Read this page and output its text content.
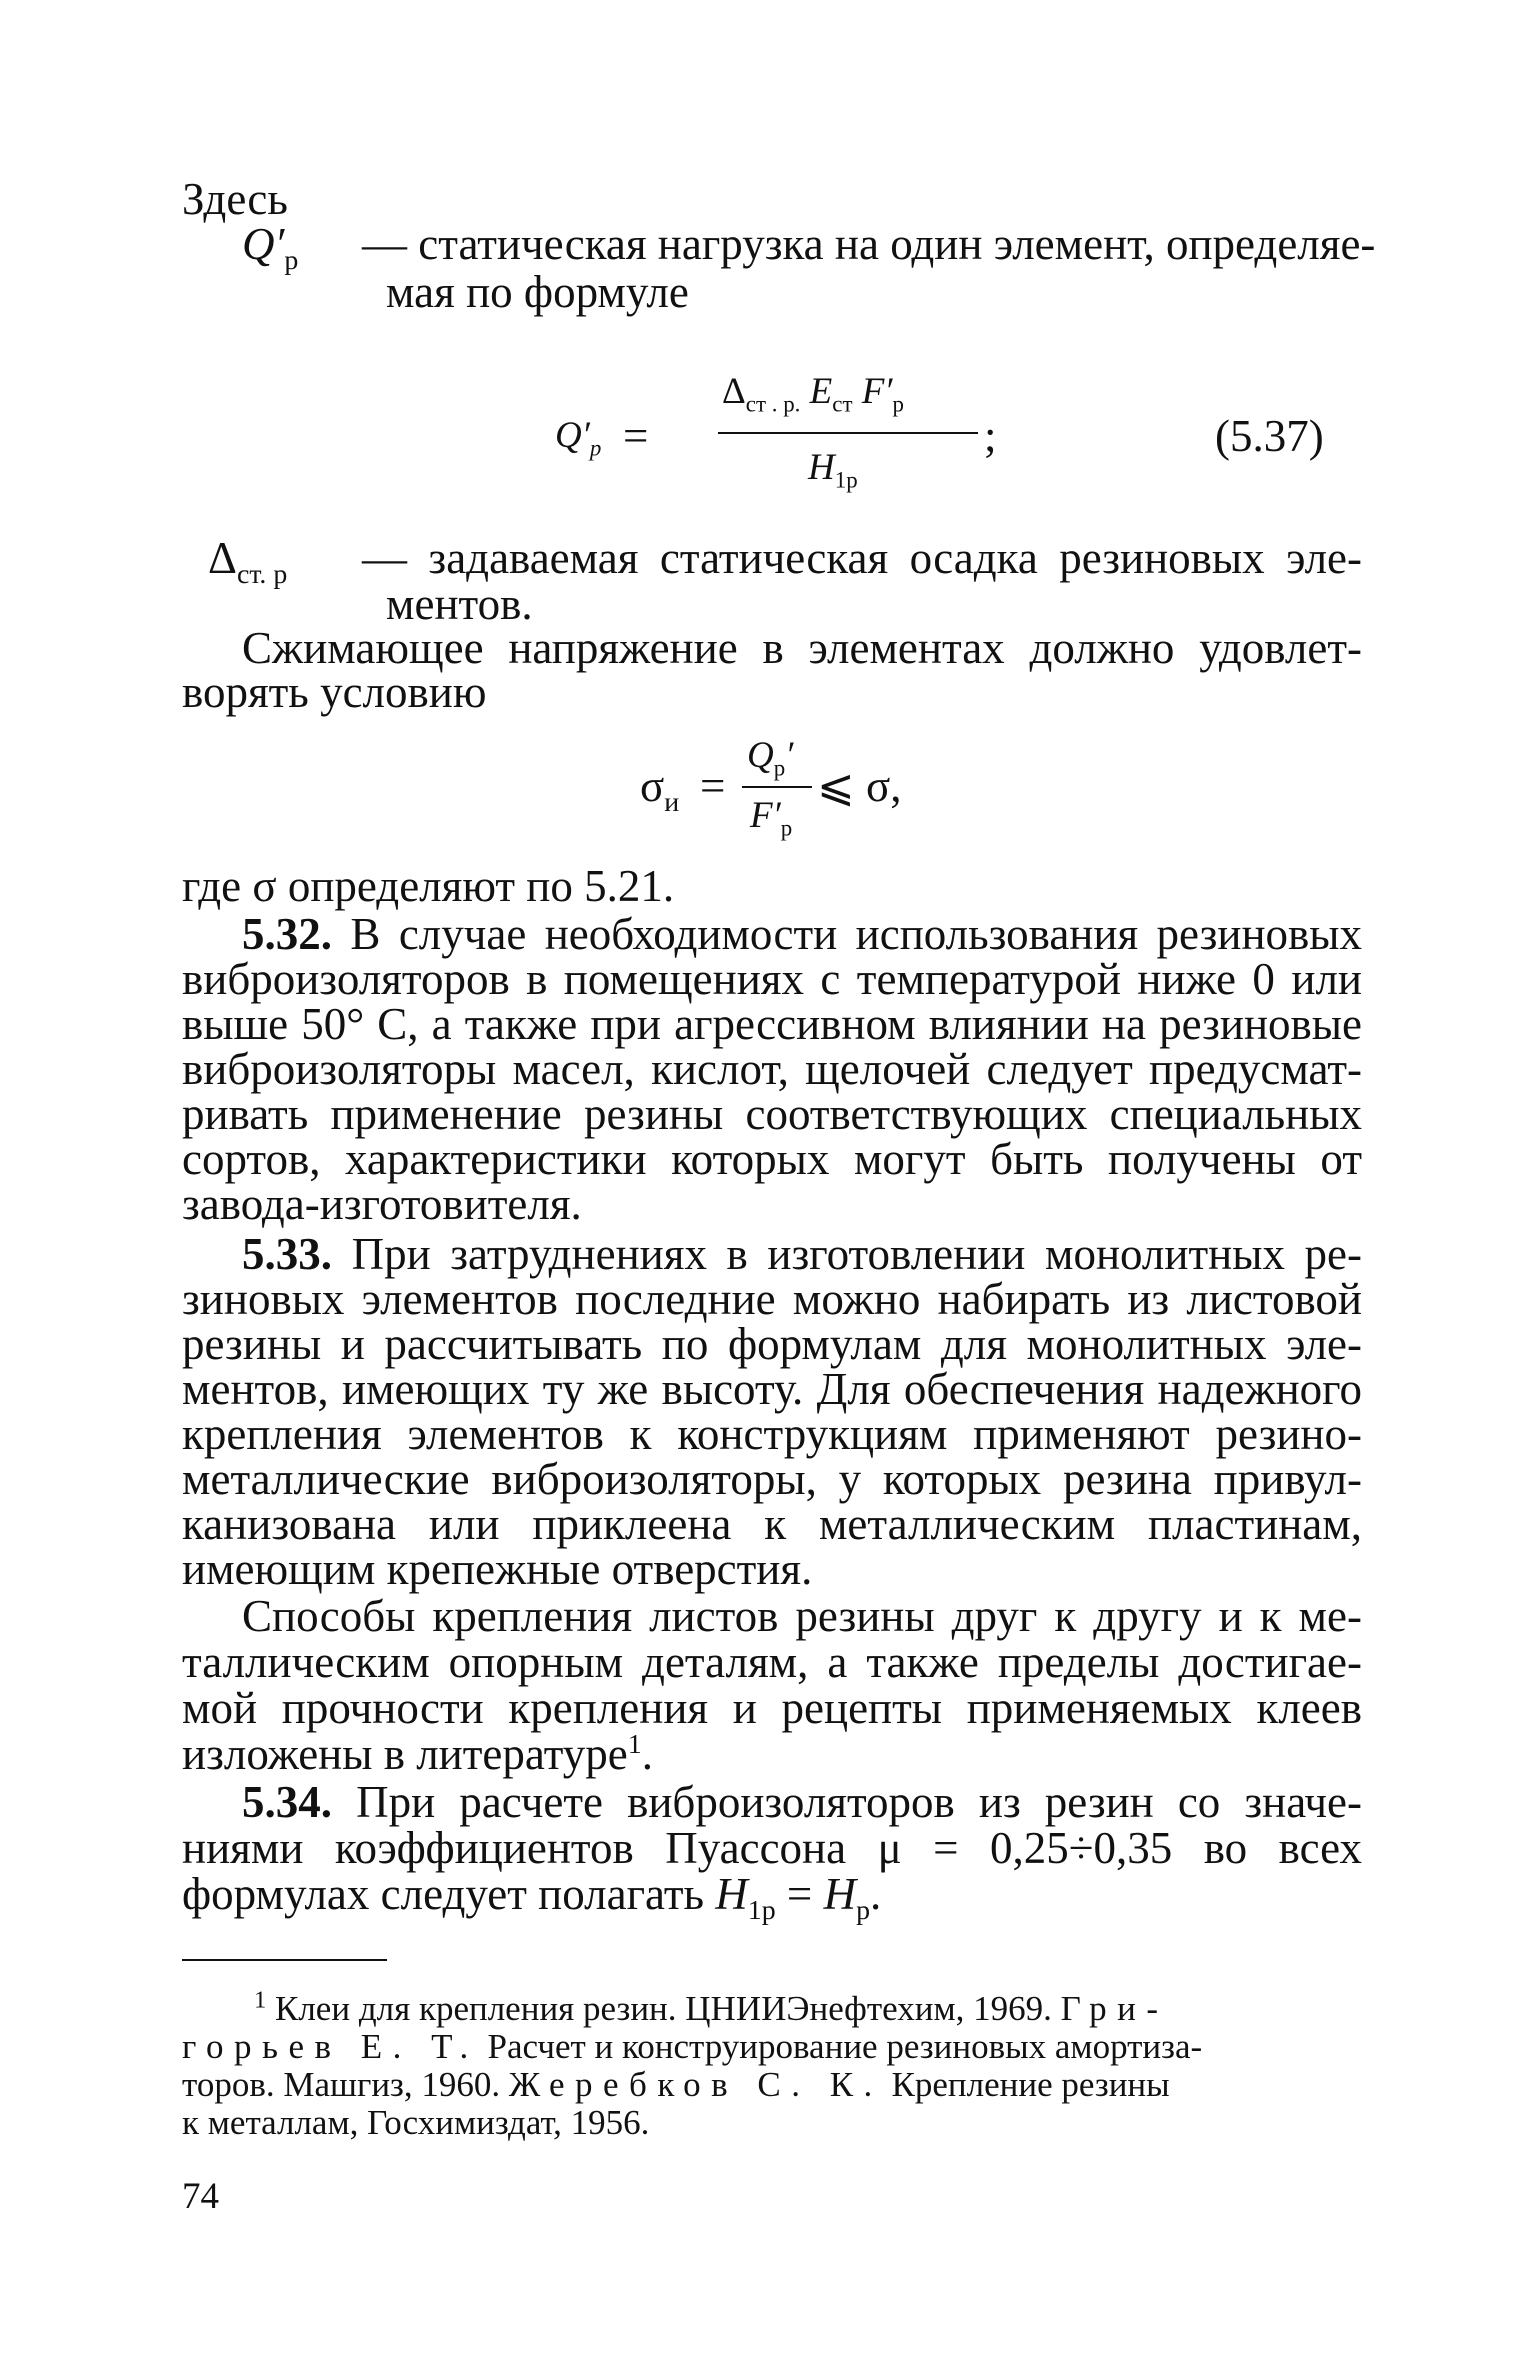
Здесь
$Q'_р$	— статическая нагрузка на один элемент, определяе-
мая по формуле
$Q'_р$ =
$\Delta_{ст . р.}$ $E_{ст}$ $F'_р$
$H_{1р}$
;	(5.37)
$\Delta_{ст. р}$	— задаваемая статическая осадка резиновых эле-
ментов.
Сжимающее напряжение в элементах должно удовлет-
ворять условию
$\sigma_и$ =
$Q_р'$
$F'_р$
⩽ σ,
где σ определяют по 5.21.
5.32. В случае необходимости использования резиновых
виброизоляторов в помещениях с температурой ниже 0 или
выше 50° С, а также при агрессивном влиянии на резиновые
виброизоляторы масел, кислот, щелочей следует предусмат-
ривать применение резины соответствующих специальных
сортов, характеристики которых могут быть получены от
завода-изготовителя.
5.33. При затруднениях в изготовлении монолитных ре-
зиновых элементов последние можно набирать из листовой
резины и рассчитывать по формулам для монолитных эле-
ментов, имеющих ту же высоту. Для обеспечения надежного
крепления элементов к конструкциям применяют резино-
металлические виброизоляторы, у которых резина привул-
канизована или приклеена к металлическим пластинам,
имеющим крепежные отверстия.
Способы крепления листов резины друг к другу и к ме-
таллическим опорным деталям, а также пределы достигае-
мой прочности крепления и рецепты применяемых клеев
изложены в литературе$^1$.
5.34. При расчете виброизоляторов из резин со значе-
ниями коэффициентов Пуассона μ = 0,25÷0,35 во всех
формулах следует полагать $H_{1р} = H_р$.
$^1$ Клеи для крепления резин. ЦНИИЭнефтехим, 1969. Гри-
горьев Е. Т. Расчет и конструирование резиновых амортиза-
торов. Машгиз, 1960. Жеребков С. К. Крепление резины
к металлам, Госхимиздат, 1956.
74
